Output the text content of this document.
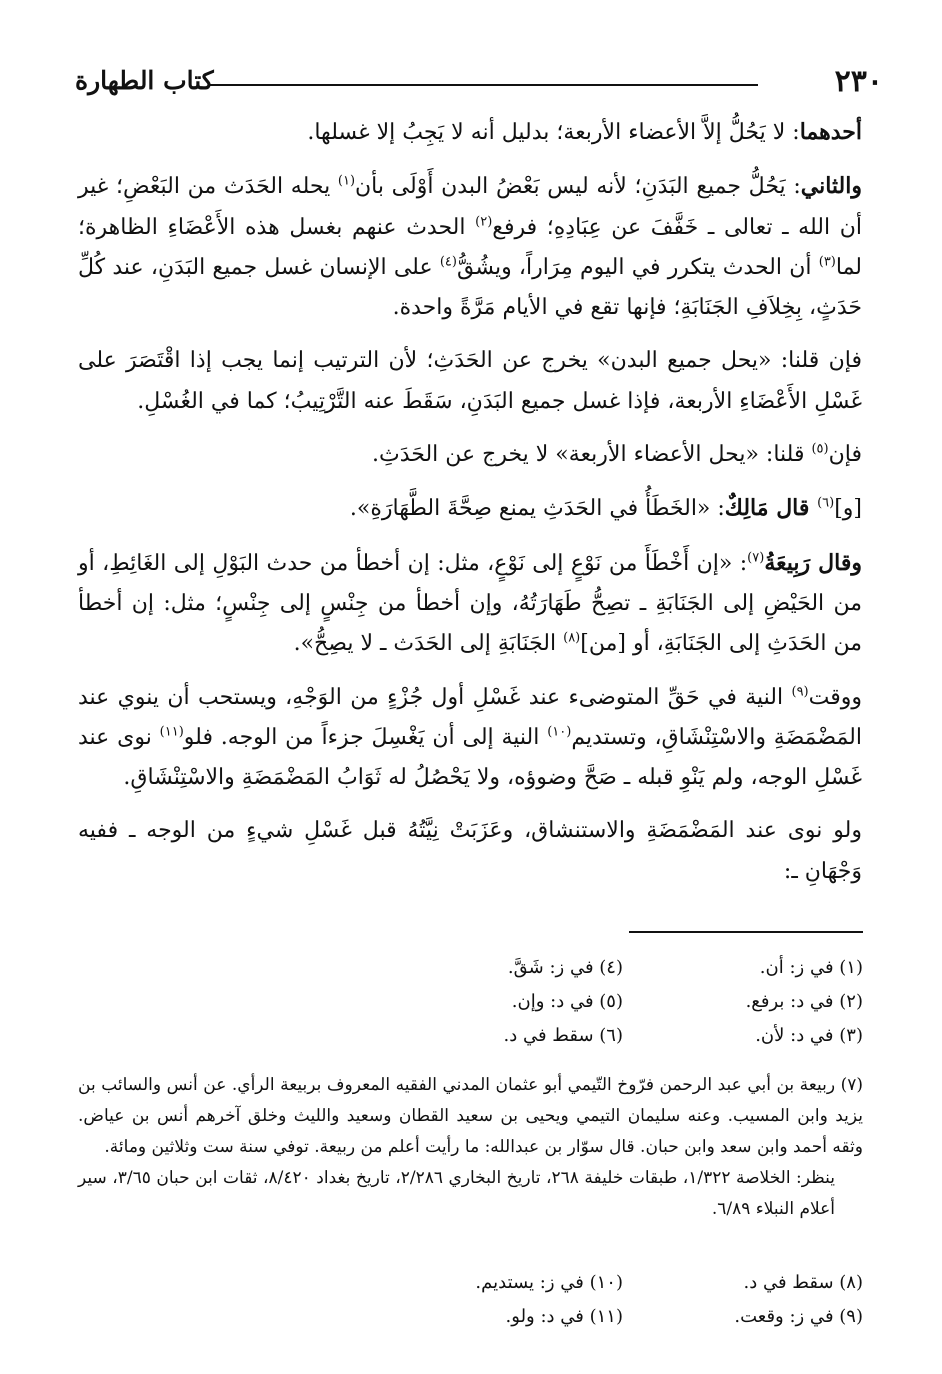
٢٣٠
كتاب الطهارة

أحدهما: لا يَحُلُّ إلاَّ الأعضاء الأربعة؛ بدليل أنه لا يَجِبُ إلا غسلها.

والثاني: يَحُلُّ جميع البَدَنِ؛ لأنه ليس بَعْضُ البدن أَوْلَى بأن$^{(١)}$ يحله الحَدَث من البَعْضِ؛ غير أن الله ـ تعالى ـ خَفَّفَ عن عِبَادِهِ؛ فرفع$^{(٢)}$ الحدث عنهم بغسل هذه الأَعْضَاءِ الظاهرة؛ لما$^{(٣)}$ أن الحدث يتكرر في اليوم مِرَاراً، ويشُقُّ$^{(٤)}$ على الإنسان غسل جميع البَدَنِ، عند كُلِّ حَدَثٍ، بِخِلاَفِ الجَنَابَةِ؛ فإنها تقع في الأيام مَرَّةً واحدة.

فإن قلنا: «يحل جميع البدن» يخرج عن الحَدَثِ؛ لأن الترتيب إنما يجب إذا اقْتَصَرَ على غَسْلِ الأَعْضَاءِ الأربعة، فإذا غسل جميع البَدَنِ، سَقَطَ عنه التَّرْتِيبُ؛ كما في الغُسْلِ.

فإن$^{(٥)}$ قلنا: «يحل الأعضاء الأربعة» لا يخرج عن الحَدَثِ.

[و]$^{(٦)}$ قال مَالِكٌ: «الخَطَأُ في الحَدَثِ يمنع صِحَّةَ الطَّهَارَةِ».

وقال رَبِيعَةُ$^{(٧)}$: «إن أَخْطَأَ من نَوْعٍ إلى نَوْعٍ، مثل: إن أخطأ من حدث البَوْلِ إلى الغَائِطِ، أو من الحَيْضِ إلى الجَنَابَةِ ـ تصِحُّ طَهَارَتُهُ، وإن أخطأ من جِنْسٍ إلى جِنْسٍ؛ مثل: إن أخطأ من الحَدَثِ إلى الجَنَابَةِ، أو [من]$^{(٨)}$ الجَنَابَةِ إلى الحَدَث ـ لا يصِحُّ».

ووقت$^{(٩)}$ النية في حَقِّ المتوضىء عند غَسْلِ أول جُزْءٍ من الوَجْهِ، ويستحب أن ينوي عند المَضْمَضَةِ والاسْتِنْشَاقِ، وتستديم$^{(١٠)}$ النية إلى أن يَغْسِلَ جزءاً من الوجه. فلو$^{(١١)}$ نوى عند غَسْلِ الوجه، ولم يَنْوِ قبله ـ صَحَّ وضوؤه، ولا يَحْصُلُ له ثَوَابُ المَضْمَضَةِ والاسْتِنْشَاقِ.

ولو نوى عند المَضْمَضَةِ والاستنشاق، وعَزَبَتْ نِيَّتُهُ قبل غَسْلِ شيءٍ من الوجه ـ ففيه وَجْهَانِ ـ:

(١) في ز: أن.
(٤) في ز: شَقَّ.
(٢) في د: برفع.
(٥) في د: وإن.
(٣) في د: لأن.
(٦) سقط في د.

(٧) ربيعة بن أبي عبد الرحمن فرّوخ التّيمي أبو عثمان المدني الفقيه المعروف بربيعة الرأي. عن أنس والسائب بن يزيد وابن المسيب. وعنه سليمان التيمي ويحيى بن سعيد القطان وسعيد والليث وخلق آخرهم أنس بن عياض. وثقه أحمد وابن سعد وابن حبان. قال سوّار بن عبدالله: ما رأيت أعلم من ربيعة. توفي سنة ست وثلاثين ومائة.

ينظر: الخلاصة ١/٣٢٢، طبقات خليفة ٢٦٨، تاريخ البخاري ٢/٢٨٦، تاريخ بغداد ٨/٤٢٠، ثقات ابن حبان ٣/٦٥، سير أعلام النبلاء ٦/٨٩.

(٨) سقط في د.
(١٠) في ز: يستديم.
(٩) في ز: وقعت.
(١١) في د: ولو.
